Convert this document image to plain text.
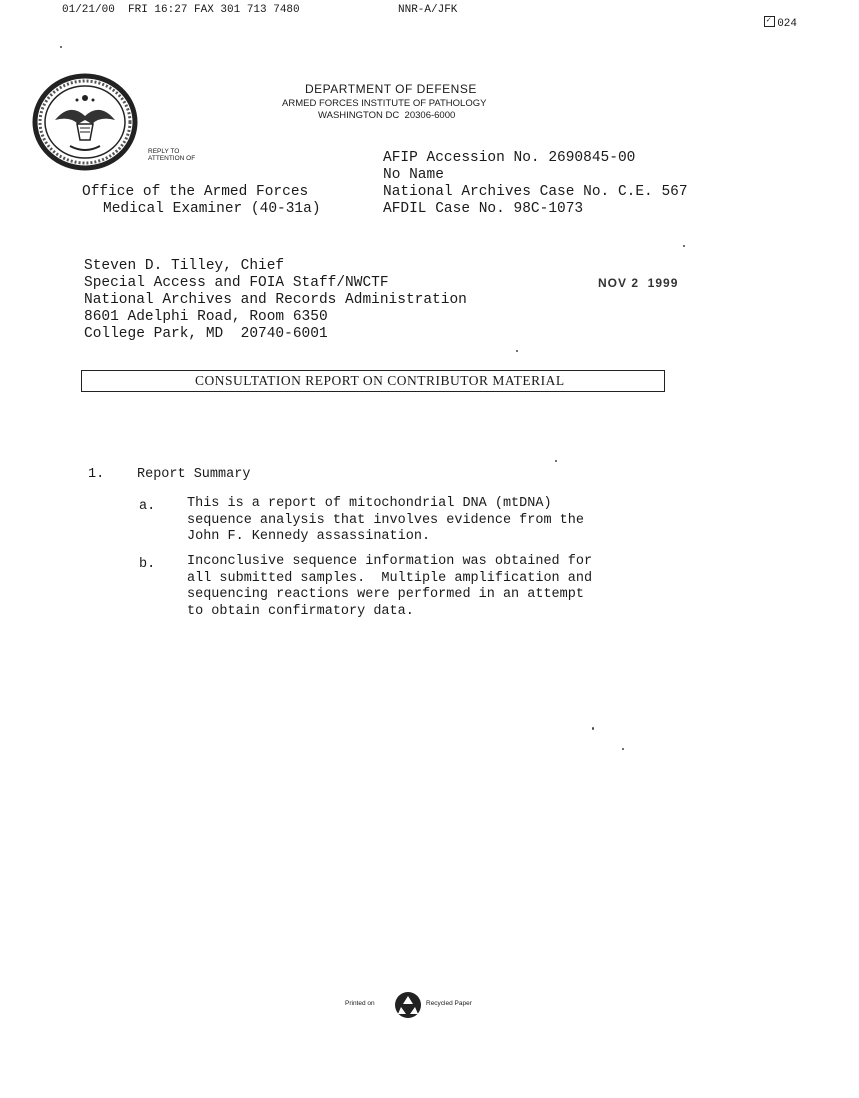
01/21/00  FRI 16:27 FAX 301 713 7480	NNR-A/JFK

✓ 024

DEPARTMENT OF DEFENSE
ARMED FORCES INSTITUTE OF PATHOLOGY
WASHINGTON DC  20306-6000
REPLY TO
ATTENTION OF
Office of the Armed Forces
Medical Examiner (40-31a)
AFIP Accession No. 2690845-00
No Name
National Archives Case No. C.E. 567
AFDIL Case No. 98C-1073
Steven D. Tilley, Chief
Special Access and FOIA Staff/NWCTF
National Archives and Records Administration
8601 Adelphi Road, Room 6350
College Park, MD  20740-6001
NOV 2  1999
CONSULTATION REPORT ON CONTRIBUTOR MATERIAL
1. Report Summary
a. This is a report of mitochondrial DNA (mtDNA)
sequence analysis that involves evidence from the
John F. Kennedy assassination.
b. Inconclusive sequence information was obtained for
all submitted samples.  Multiple amplification and
sequencing reactions were performed in an attempt
to obtain confirmatory data.
Printed on	Recycled Paper
